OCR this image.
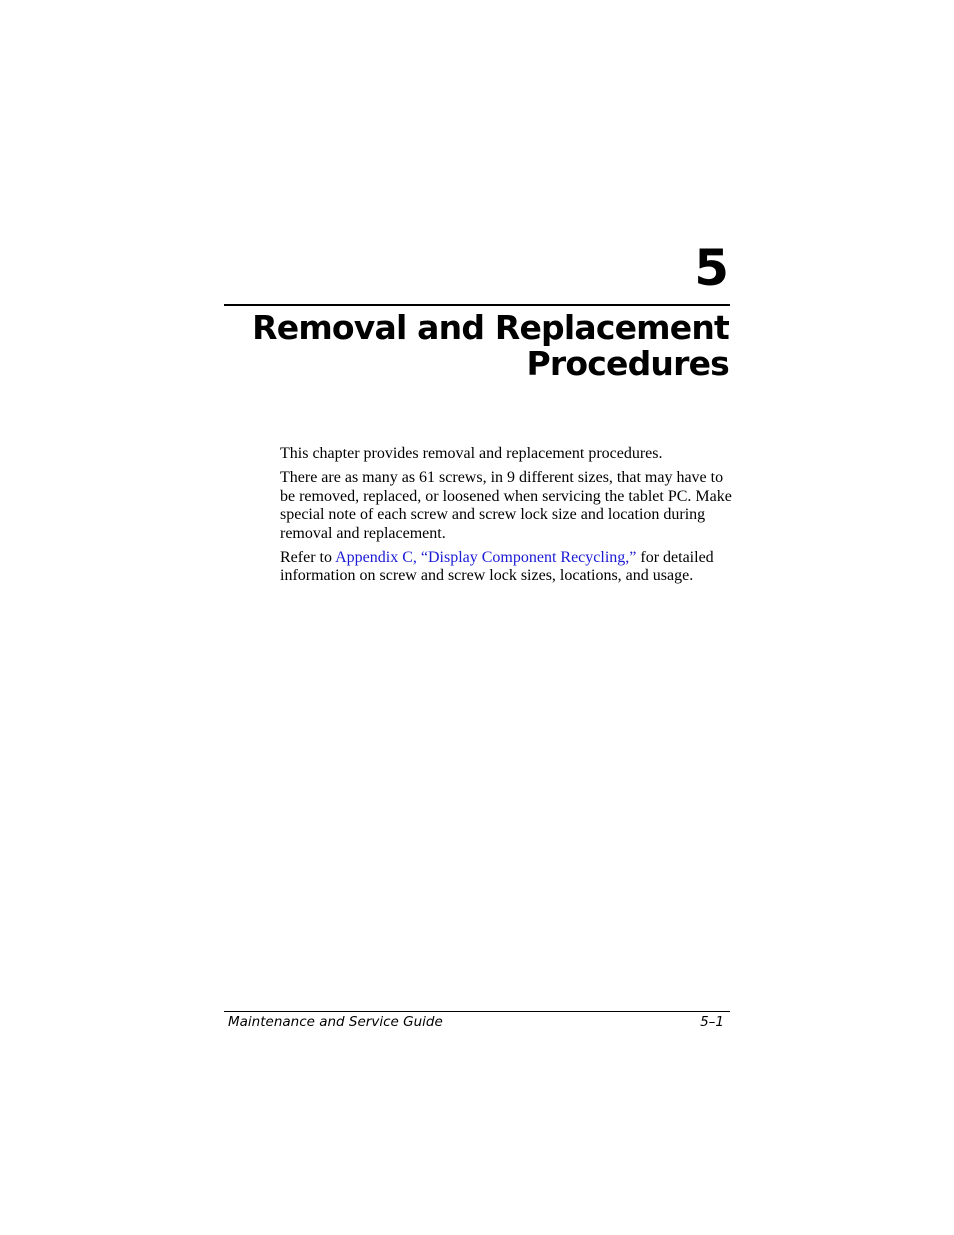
5
Removal and Replacement
Procedures

This chapter provides removal and replacement procedures.

There are as many as 61 screws, in 9 different sizes, that may have to be removed, replaced, or loosened when servicing the tablet PC. Make special note of each screw and screw lock size and location during removal and replacement.

Refer to Appendix C, “Display Component Recycling,” for detailed information on screw and screw lock sizes, locations, and usage.

Maintenance and Service Guide	5–1
